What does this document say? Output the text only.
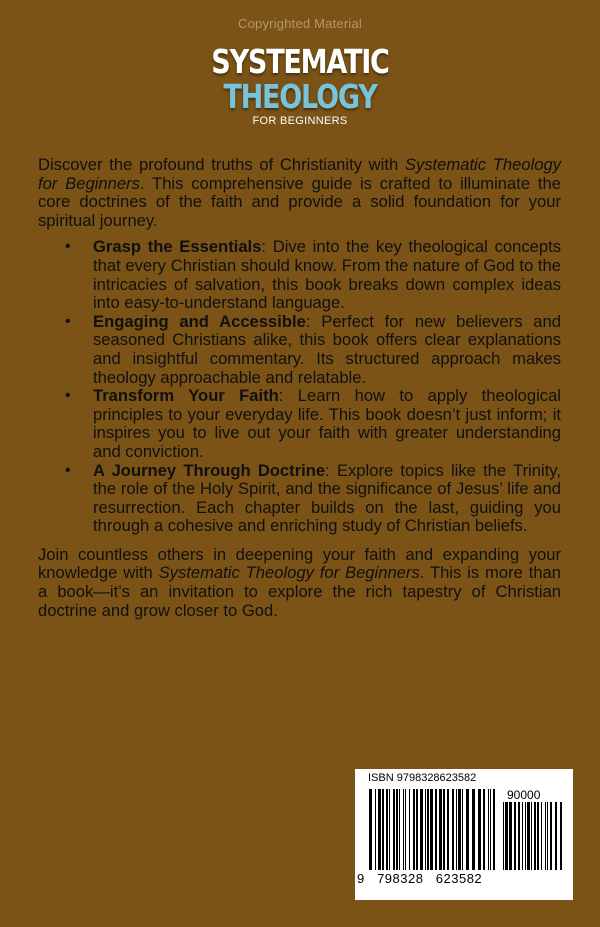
Copyrighted Material
SYSTEMATIC
THEOLOGY
FOR BEGINNERS

Discover the profound truths of Christianity with Systematic Theology for Beginners. This comprehensive guide is crafted to illuminate the core doctrines of the faith and provide a solid foundation for your spiritual journey.

• Grasp the Essentials: Dive into the key theological concepts that every Christian should know. From the nature of God to the intricacies of salvation, this book breaks down complex ideas into easy-to-understand language.
• Engaging and Accessible: Perfect for new believers and seasoned Christians alike, this book offers clear explanations and insightful commentary. Its structured approach makes theology approachable and relatable.
• Transform Your Faith: Learn how to apply theological principles to your everyday life. This book doesn’t just inform; it inspires you to live out your faith with greater understanding and conviction.
• A Journey Through Doctrine: Explore topics like the Trinity, the role of the Holy Spirit, and the significance of Jesus’ life and resurrection. Each chapter builds on the last, guiding you through a cohesive and enriching study of Christian beliefs.

Join countless others in deepening your faith and expanding your knowledge with Systematic Theology for Beginners. This is more than a book—it’s an invitation to explore the rich tapestry of Christian doctrine and grow closer to God.

ISBN 9798328623582
90000
9   798328   623582
